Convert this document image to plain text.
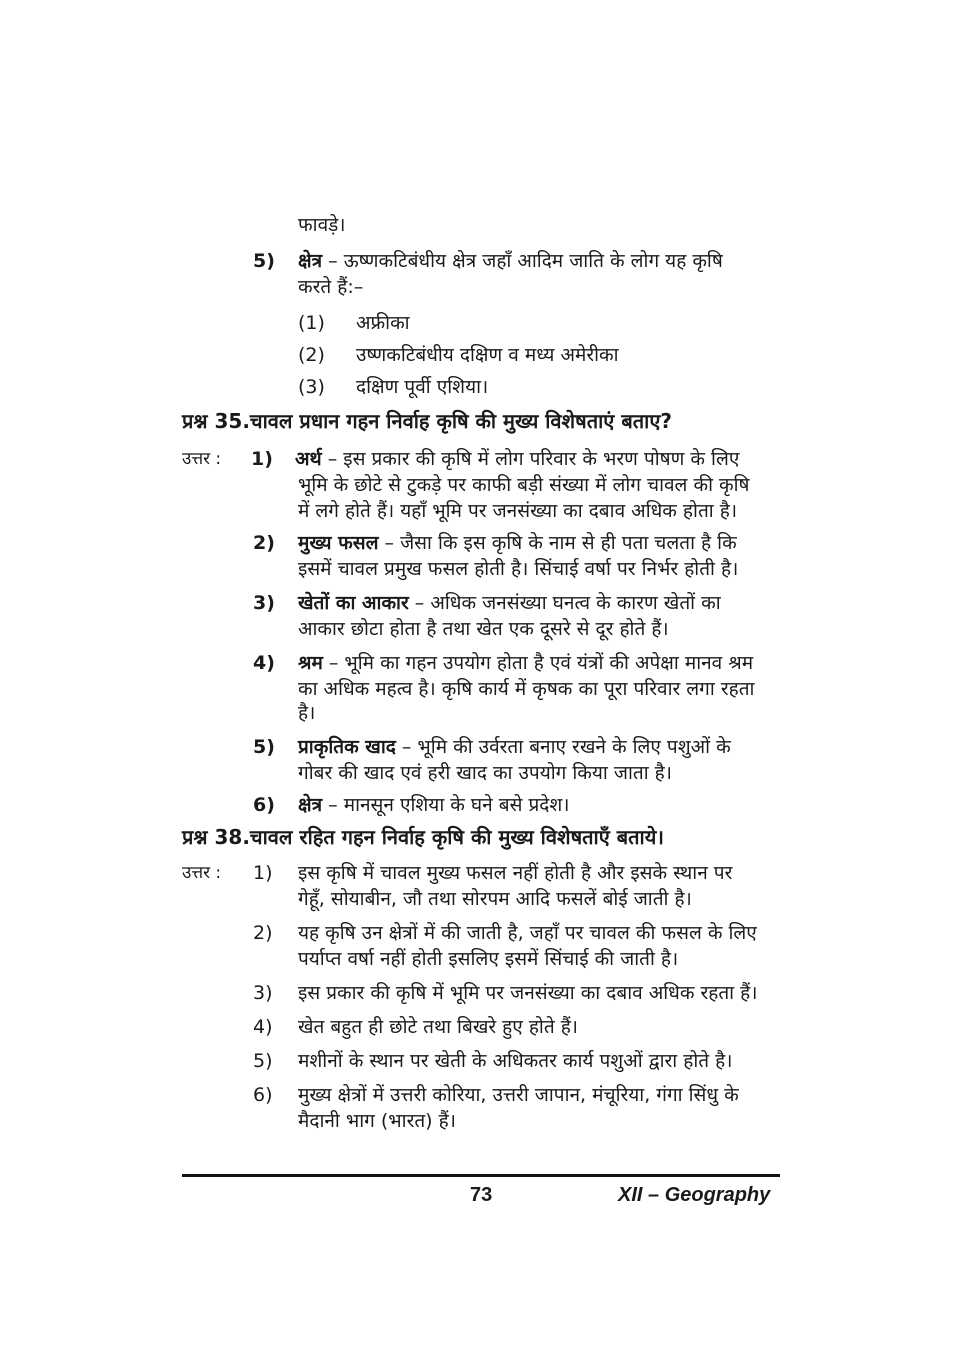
फावड़े।
5) क्षेत्र – ऊष्णकटिबंधीय क्षेत्र जहाँ आदिम जाति के लोग यह कृषि
करते हैं:–
(1) अफ्रीका
(2) उष्णकटिबंधीय दक्षिण व मध्य अमेरीका
(3) दक्षिण पूर्वी एशिया।
प्रश्न 35.चावल प्रधान गहन निर्वाह कृषि की मुख्य विशेषताएं बताए?
उत्तर : 1) अर्थ – इस प्रकार की कृषि में लोग परिवार के भरण पोषण के लिए
भूमि के छोटे से टुकड़े पर काफी बड़ी संख्या में लोग चावल की कृषि
में लगे होते हैं। यहाँ भूमि पर जनसंख्या का दबाव अधिक होता है।
2) मुख्य फसल – जैसा कि इस कृषि के नाम से ही पता चलता है कि
इसमें चावल प्रमुख फसल होती है। सिंचाई वर्षा पर निर्भर होती है।
3) खेतों का आकार – अधिक जनसंख्या घनत्व के कारण खेतों का
आकार छोटा होता है तथा खेत एक दूसरे से दूर होते हैं।
4) श्रम – भूमि का गहन उपयोग होता है एवं यंत्रों की अपेक्षा मानव श्रम
का अधिक महत्व है। कृषि कार्य में कृषक का पूरा परिवार लगा रहता
है।
5) प्राकृतिक खाद – भूमि की उर्वरता बनाए रखने के लिए पशुओं के
गोबर की खाद एवं हरी खाद का उपयोग किया जाता है।
6) क्षेत्र – मानसून एशिया के घने बसे प्रदेश।
प्रश्न 38.चावल रहित गहन निर्वाह कृषि की मुख्य विशेषताएँ बताये।
उत्तर : 1) इस कृषि में चावल मुख्य फसल नहीं होती है और इसके स्थान पर
गेहूँ, सोयाबीन, जौ तथा सोरपम आदि फसलें बोई जाती है।
2) यह कृषि उन क्षेत्रों में की जाती है, जहाँ पर चावल की फसल के लिए
पर्याप्त वर्षा नहीं होती इसलिए इसमें सिंचाई की जाती है।
3) इस प्रकार की कृषि में भूमि पर जनसंख्या का दबाव अधिक रहता हैं।
4) खेत बहुत ही छोटे तथा बिखरे हुए होते हैं।
5) मशीनों के स्थान पर खेती के अधिकतर कार्य पशुओं द्वारा होते है।
6) मुख्य क्षेत्रों में उत्तरी कोरिया, उत्तरी जापान, मंचूरिया, गंगा सिंधु के
मैदानी भाग (भारत) हैं।
73	XII – Geography
